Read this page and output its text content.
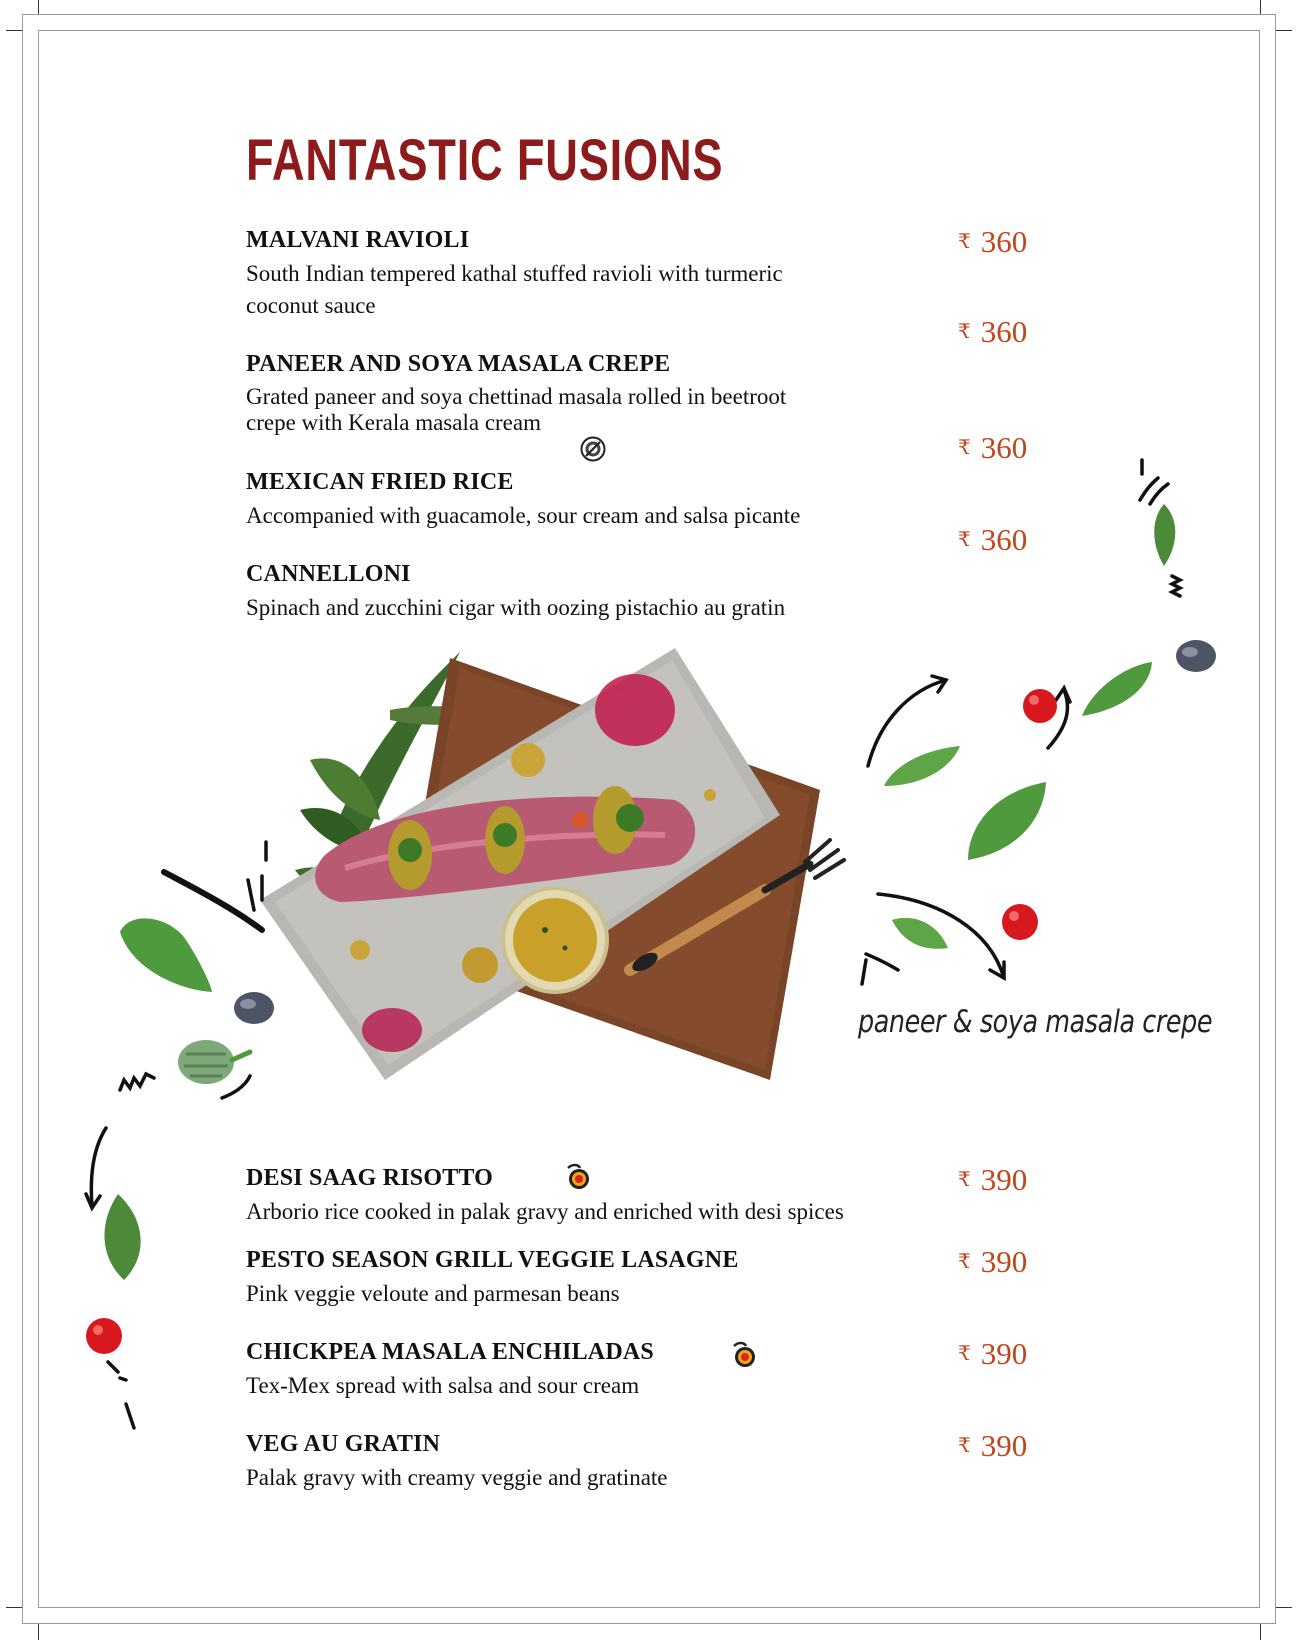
FANTASTIC FUSIONS
MALVANI RAVIOLI
South Indian tempered kathal stuffed ravioli with turmeric
coconut sauce
₹ 360
PANEER AND SOYA MASALA CREPE
Grated paneer and soya chettinad masala rolled in beetroot
crepe with Kerala masala cream
₹ 360
MEXICAN FRIED RICE
Accompanied with guacamole, sour cream and salsa picante
₹ 360
CANNELLONI
Spinach and zucchini cigar with oozing pistachio au gratin
₹ 360
paneer & soya masala crepe
DESI SAAG RISOTTO
Arborio rice cooked in palak gravy and enriched with desi spices
₹ 390
PESTO SEASON GRILL VEGGIE LASAGNE
Pink veggie veloute and parmesan beans
₹ 390
CHICKPEA MASALA ENCHILADAS
Tex-Mex spread with salsa and sour cream
₹ 390
VEG AU GRATIN
Palak gravy with creamy veggie and gratinate
₹ 390
